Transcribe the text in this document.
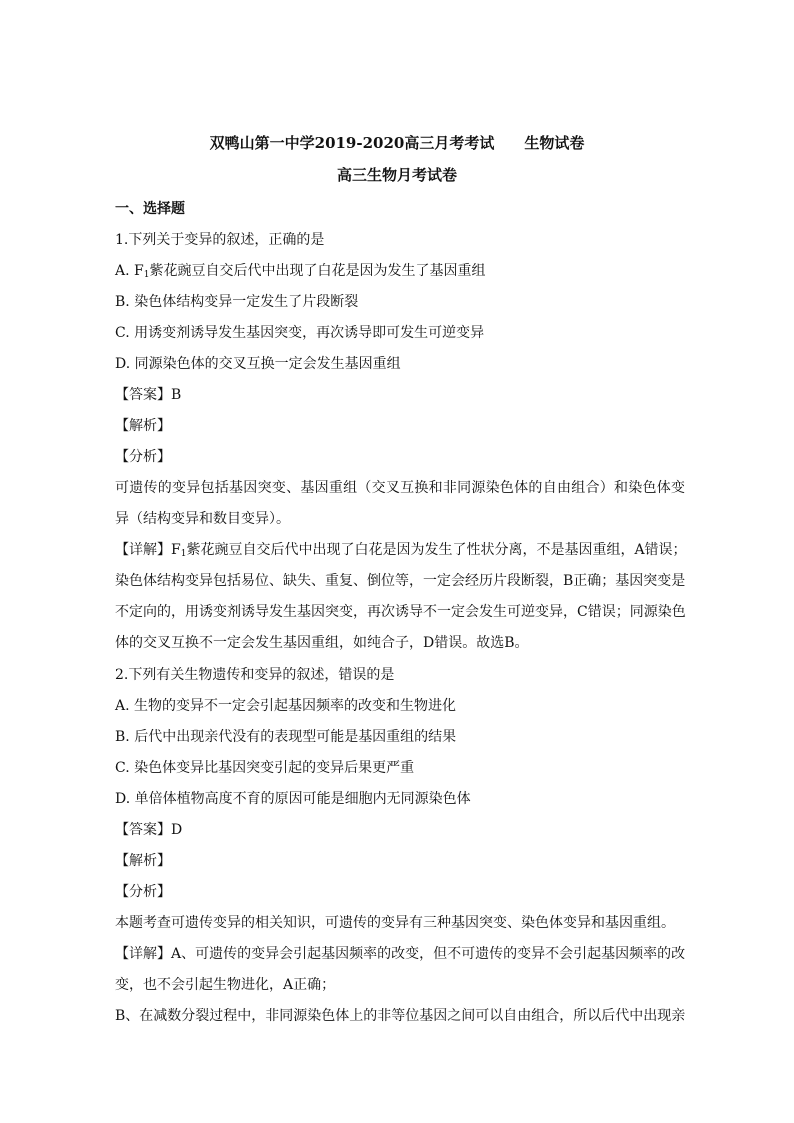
双鸭山第一中学2019-2020高三月考考试　　生物试卷
高三生物月考试卷
一、选择题
1.下列关于变异的叙述，正确的是
A. $F_1$紫花豌豆自交后代中出现了白花是因为发生了基因重组
B. 染色体结构变异一定发生了片段断裂
C. 用诱变剂诱导发生基因突变，再次诱导即可发生可逆变异
D. 同源染色体的交叉互换一定会发生基因重组
【答案】B
【解析】
【分析】
可遗传的变异包括基因突变、基因重组（交叉互换和非同源染色体的自由组合）和染色体变
异（结构变异和数目变异）。
【详解】$F_1$紫花豌豆自交后代中出现了白花是因为发生了性状分离，不是基因重组，A错误；
染色体结构变异包括易位、缺失、重复、倒位等，一定会经历片段断裂，B正确；基因突变是
不定向的，用诱变剂诱导发生基因突变，再次诱导不一定会发生可逆变异，C错误；同源染色
体的交叉互换不一定会发生基因重组，如纯合子，D错误。故选B。
2.下列有关生物遗传和变异的叙述，错误的是
A. 生物的变异不一定会引起基因频率的改变和生物进化
B. 后代中出现亲代没有的表现型可能是基因重组的结果
C. 染色体变异比基因突变引起的变异后果更严重
D. 单倍体植物高度不育的原因可能是细胞内无同源染色体
【答案】D
【解析】
【分析】
本题考查可遗传变异的相关知识，可遗传的变异有三种基因突变、染色体变异和基因重组。
【详解】A、可遗传的变异会引起基因频率的改变，但不可遗传的变异不会引起基因频率的改
变，也不会引起生物进化，A正确；
B、在减数分裂过程中，非同源染色体上的非等位基因之间可以自由组合，所以后代中出现亲
